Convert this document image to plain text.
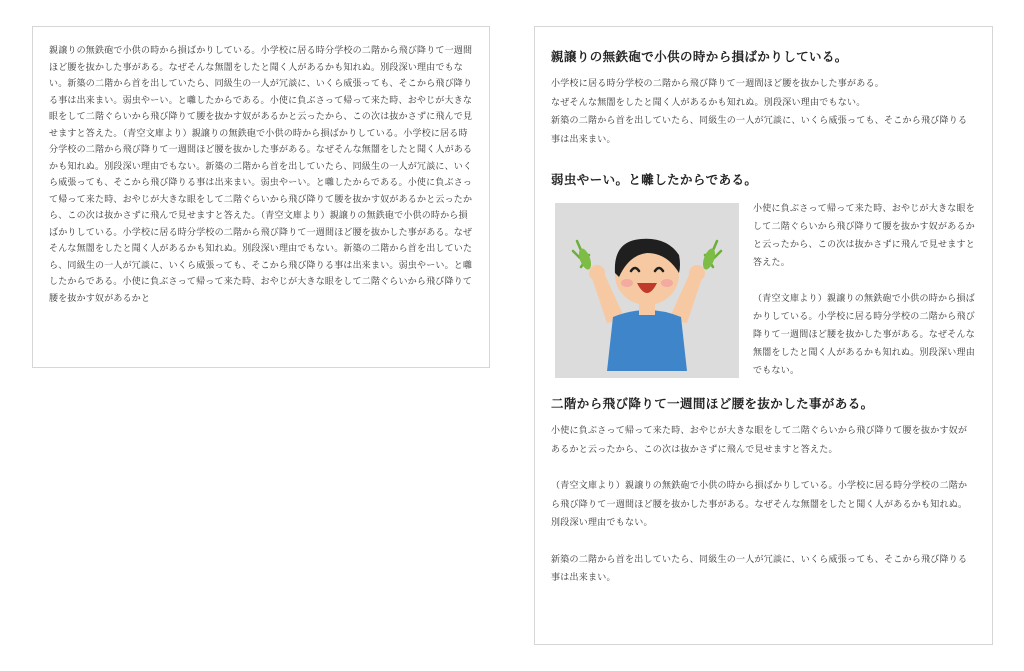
親譲りの無鉄砲で小供の時から損ばかりしている。小学校に居る時分学校の二階から飛び降りて一週間ほど腰を抜かした事がある。なぜそんな無闇をしたと聞く人があるかも知れぬ。別段深い理由でもない。新築の二階から首を出していたら、同級生の一人が冗談に、いくら威張っても、そこから飛び降りる事は出来まい。弱虫やーい。と囃したからである。小使に負ぶさって帰って来た時、おやじが大きな眼をして二階ぐらいから飛び降りて腰を抜かす奴があるかと云ったから、この次は抜かさずに飛んで見せますと答えた。（青空文庫より）親譲りの無鉄砲で小供の時から損ばかりしている。小学校に居る時分学校の二階から飛び降りて一週間ほど腰を抜かした事がある。なぜそんな無闇をしたと聞く人があるかも知れぬ。別段深い理由でもない。新築の二階から首を出していたら、同級生の一人が冗談に、いくら威張っても、そこから飛び降りる事は出来まい。弱虫やーい。と囃したからである。小使に負ぶさって帰って来た時、おやじが大きな眼をして二階ぐらいから飛び降りて腰を抜かす奴があるかと云ったから、この次は抜かさずに飛んで見せますと答えた。（青空文庫より）親譲りの無鉄砲で小供の時から損ばかりしている。小学校に居る時分学校の二階から飛び降りて一週間ほど腰を抜かした事がある。なぜそんな無闇をしたと聞く人があるかも知れぬ。別段深い理由でもない。新築の二階から首を出していたら、同級生の一人が冗談に、いくら威張っても、そこから飛び降りる事は出来まい。弱虫やーい。と囃したからである。小使に負ぶさって帰って来た時、おやじが大きな眼をして二階ぐらいから飛び降りて腰を抜かす奴があるかと

親譲りの無鉄砲で小供の時から損ばかりしている。

小学校に居る時分学校の二階から飛び降りて一週間ほど腰を抜かした事がある。

なぜそんな無闇をしたと聞く人があるかも知れぬ。別段深い理由でもない。

新築の二階から首を出していたら、同級生の一人が冗談に、いくら威張っても、そこから飛び降りる事は出来まい。

弱虫やーい。と囃したからである。

小使に負ぶさって帰って来た時、おやじが大きな眼をして二階ぐらいから飛び降りて腰を抜かす奴があるかと云ったから、この次は抜かさずに飛んで見せますと答えた。

（青空文庫より）親譲りの無鉄砲で小供の時から損ばかりしている。小学校に居る時分学校の二階から飛び降りて一週間ほど腰を抜かした事がある。なぜそんな無闇をしたと聞く人があるかも知れぬ。別段深い理由でもない。

二階から飛び降りて一週間ほど腰を抜かした事がある。

小使に負ぶさって帰って来た時、おやじが大きな眼をして二階ぐらいから飛び降りて腰を抜かす奴があるかと云ったから、この次は抜かさずに飛んで見せますと答えた。

（青空文庫より）親譲りの無鉄砲で小供の時から損ばかりしている。小学校に居る時分学校の二階から飛び降りて一週間ほど腰を抜かした事がある。なぜそんな無闇をしたと聞く人があるかも知れぬ。別段深い理由でもない。

新築の二階から首を出していたら、同級生の一人が冗談に、いくら威張っても、そこから飛び降りる事は出来まい。
